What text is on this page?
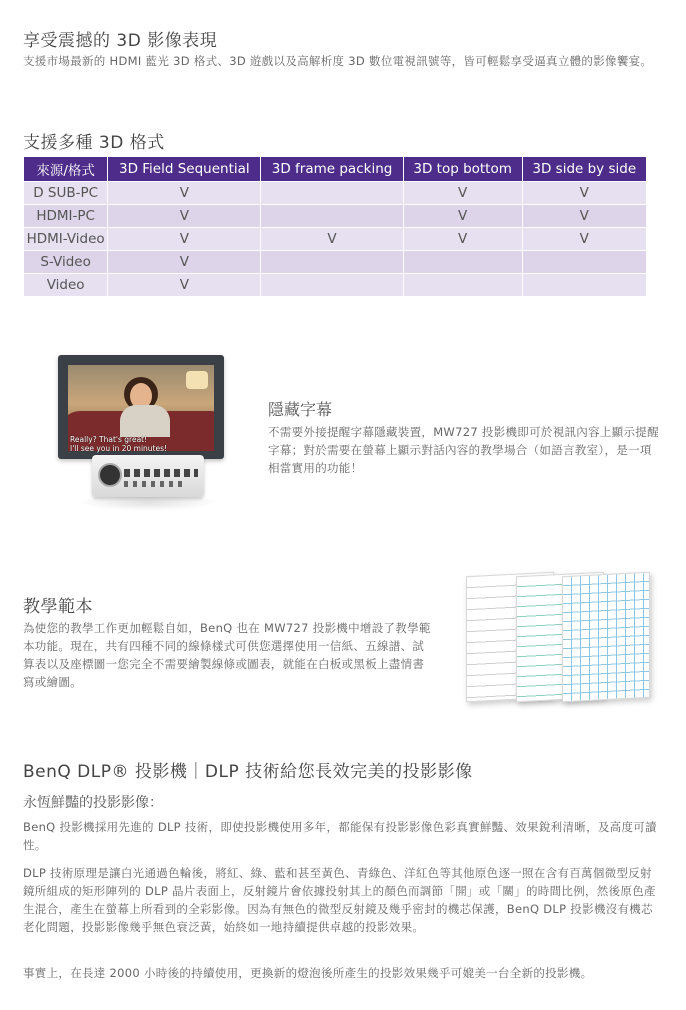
享受震撼的 3D 影像表現
支援市場最新的 HDMI 藍光 3D 格式、3D 遊戲以及高解析度 3D 數位電視訊號等，皆可輕鬆享受逼真立體的影像饗宴。
支援多種 3D 格式
來源/格式	3D Field Sequential	3D frame packing	3D top bottom	3D side by side
D SUB-PC	V		V	V
HDMI-PC	V		V	V
HDMI-Video	V	V	V	V
S-Video	V			
Video	V			
Really? That's great!
I'll see you in 20 minutes!
隱藏字幕
不需要外接提醒字幕隱藏裝置，MW727 投影機即可於視訊內容上顯示提醒字幕；對於需要在螢幕上顯示對話內容的教學場合（如語言教室），是一項相當實用的功能！
教學範本
為使您的教學工作更加輕鬆自如，BenQ 也在 MW727 投影機中增設了教學範本功能。現在，共有四種不同的線條樣式可供您選擇使用一信紙、五線譜、試算表以及座標圖一您完全不需要繪製線條或圖表，就能在白板或黑板上盡情書寫或繪圖。
BenQ DLP® 投影機｜DLP 技術給您長效完美的投影影像
永恆鮮豔的投影影像：
BenQ 投影機採用先進的 DLP 技術，即使投影機使用多年，都能保有投影影像色彩真實鮮豔、效果銳利清晰，及高度可讀性。
DLP 技術原理是讓白光通過色輪後，將紅、綠、藍和甚至黃色、青綠色、洋紅色等其他原色逐一照在含有百萬個微型反射鏡所組成的矩形陣列的 DLP 晶片表面上，反射鏡片會依據投射其上的顏色而調節「開」或「關」的時間比例，然後原色產生混合，產生在螢幕上所看到的全彩影像。因為有無色的微型反射鏡及幾乎密封的機芯保護，BenQ DLP 投影機沒有機芯老化問題，投影影像幾乎無色衰泛黃，始終如一地持續提供卓越的投影效果。
事實上，在長達 2000 小時後的持續使用，更換新的燈泡後所產生的投影效果幾乎可媲美一台全新的投影機。
